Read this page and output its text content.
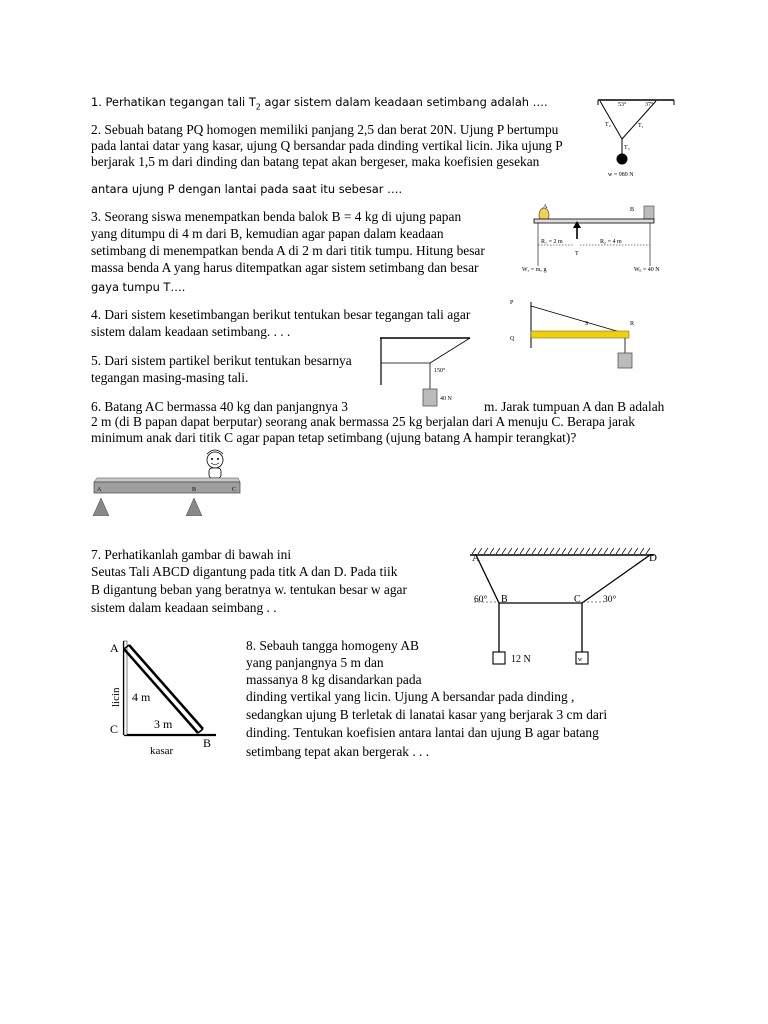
1. Perhatikan tegangan tali $T_2$ agar sistem dalam keadaan setimbang adalah ….
2. Sebuah batang PQ homogen memiliki panjang 2,5 dan berat 20N. Ujung P bertumpu
pada lantai datar yang kasar, ujung Q bersandar pada dinding vertikal licin. Jika ujung P
berjarak 1,5 m dari dinding dan batang tepat akan bergeser, maka koefisien gesekan
antara ujung P dengan lantai pada saat itu sebesar ….
3. Seorang siswa menempatkan benda balok B = 4 kg di ujung papan
yang ditumpu di 4 m dari B, kemudian agar papan dalam keadaan
setimbang di menempatkan benda A di 2 m dari titik tumpu. Hitung besar
massa benda A yang harus ditempatkan agar sistem setimbang dan besar
gaya tumpu T….
4. Dari sistem kesetimbangan berikut tentukan besar tegangan tali agar
sistem dalam keadaan setimbang. . . .
5. Dari sistem partikel berikut tentukan besarnya
tegangan masing-masing tali.
6. Batang AC bermassa 40 kg dan panjangnya 3	m. Jarak tumpuan A dan B adalah
2 m (di B papan dapat berputar) seorang anak bermassa 25 kg berjalan dari A menuju C. Berapa jarak
minimum anak dari titik C agar papan tetap setimbang (ujung batang A hampir terangkat)?
7. Perhatikanlah gambar di bawah ini
Seutas Tali ABCD digantung pada titk A dan D. Pada tiik
B digantung beban yang beratnya w. tentukan besar w agar
sistem dalam keadaan seimbang . .
8. Sebauh tangga homogeny AB
yang panjangnya 5 m dan
massanya 8 kg disandarkan pada
dinding vertikal yang licin. Ujung A bersandar pada dinding ,
sedangkan ujung B terletak di lanatai kasar yang berjarak 3 cm dari
dinding. Tentukan koefisien antara lantai dan ujung B agar batang
setimbang tepat akan bergerak . . .
53°	37°
T₂	T₁
T₃
w = 980 N
A	B
R₁ = 2 m	R₂ = 4 m
T
Wₐ = mₐ g	Wᵦ = 40 N
P
Q
S	R
150°
40 N
A	B	C
A	D
B	C
60°	30°
12 N	w
A
C
B
4 m
3 m
kasar
licin
